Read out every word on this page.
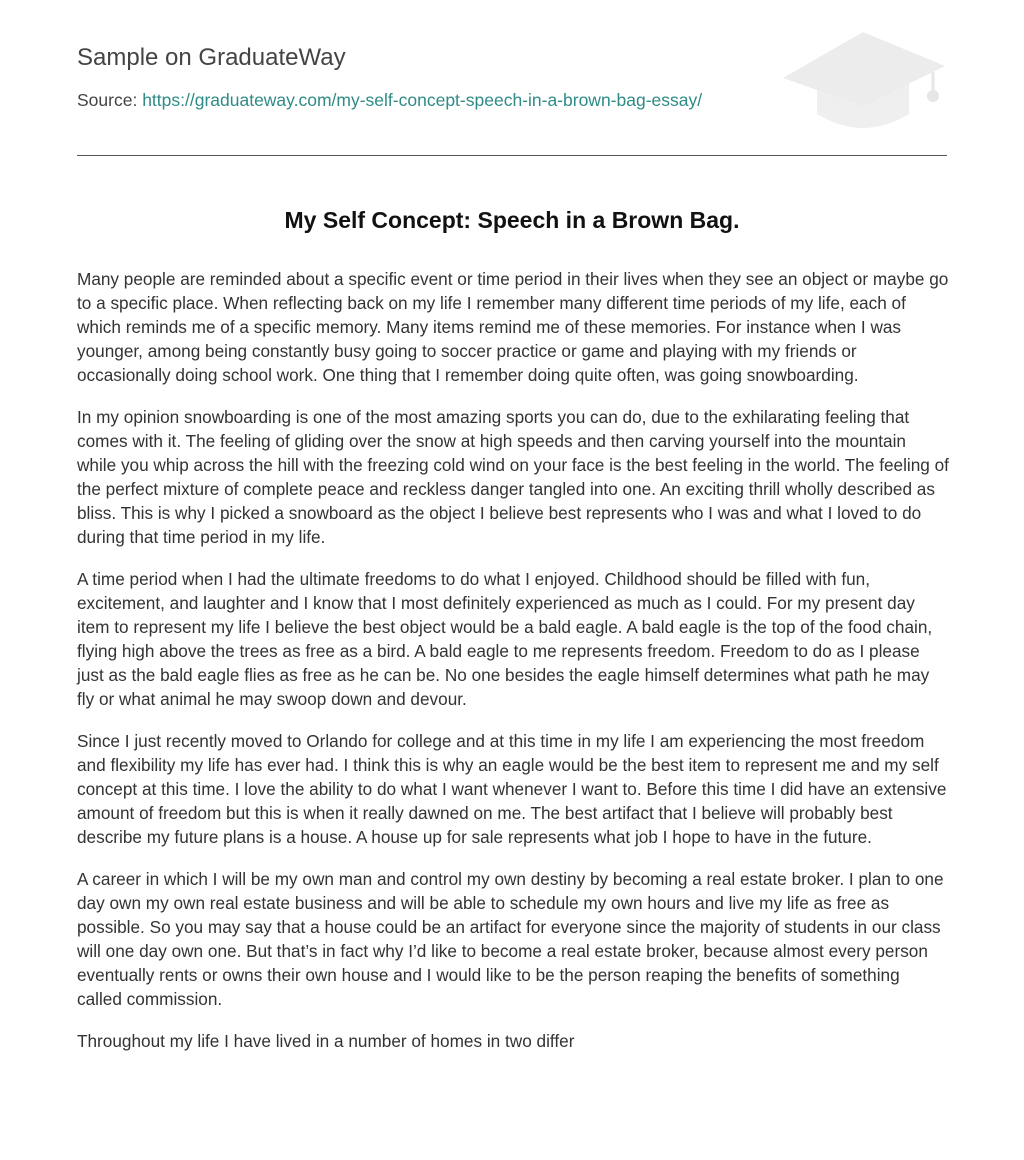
Sample on GraduateWay
Source: https://graduateway.com/my-self-concept-speech-in-a-brown-bag-essay/
My Self Concept: Speech in a Brown Bag.

Many people are reminded about a specific event or time period in their lives when they see an object or maybe go to a specific place. When reflecting back on my life I remember many different time periods of my life, each of which reminds me of a specific memory. Many items remind me of these memories. For instance when I was younger, among being constantly busy going to soccer practice or game and playing with my friends or occasionally doing school work. One thing that I remember doing quite often, was going snowboarding.

In my opinion snowboarding is one of the most amazing sports you can do, due to the exhilarating feeling that comes with it. The feeling of gliding over the snow at high speeds and then carving yourself into the mountain while you whip across the hill with the freezing cold wind on your face is the best feeling in the world. The feeling of the perfect mixture of complete peace and reckless danger tangled into one. An exciting thrill wholly described as bliss. This is why I picked a snowboard as the object I believe best represents who I was and what I loved to do during that time period in my life.

A time period when I had the ultimate freedoms to do what I enjoyed. Childhood should be filled with fun, excitement, and laughter and I know that I most definitely experienced as much as I could. For my present day item to represent my life I believe the best object would be a bald eagle. A bald eagle is the top of the food chain, flying high above the trees as free as a bird. A bald eagle to me represents freedom. Freedom to do as I please just as the bald eagle flies as free as he can be. No one besides the eagle himself determines what path he may fly or what animal he may swoop down and devour.

Since I just recently moved to Orlando for college and at this time in my life I am experiencing the most freedom and flexibility my life has ever had. I think this is why an eagle would be the best item to represent me and my self concept at this time. I love the ability to do what I want whenever I want to. Before this time I did have an extensive amount of freedom but this is when it really dawned on me. The best artifact that I believe will probably best describe my future plans is a house. A house up for sale represents what job I hope to have in the future.

A career in which I will be my own man and control my own destiny by becoming a real estate broker. I plan to one day own my own real estate business and will be able to schedule my own hours and live my life as free as possible. So you may say that a house could be an artifact for everyone since the majority of students in our class will one day own one. But that’s in fact why I’d like to become a real estate broker, because almost every person eventually rents or owns their own house and I would like to be the person reaping the benefits of something called commission.

Throughout my life I have lived in a number of homes in two differ
